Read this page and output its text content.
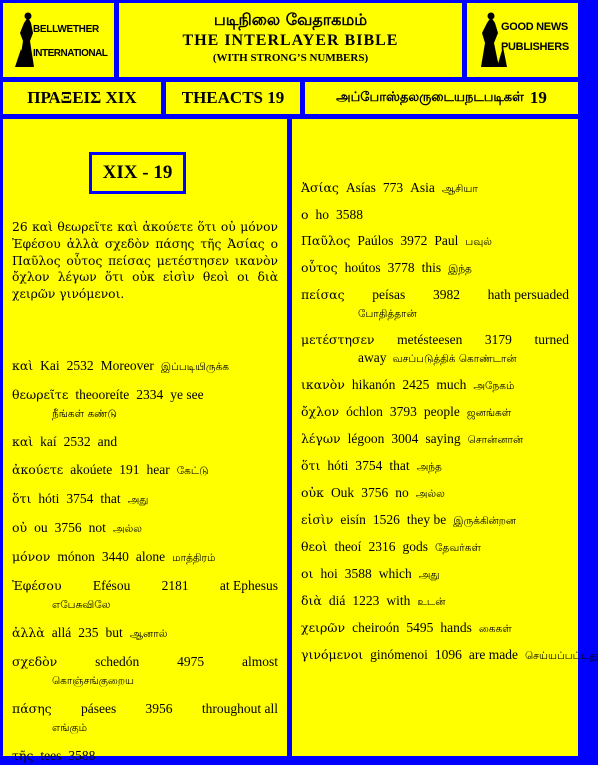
BELLWETHER
INTERNATIONAL
படிநிலை வேதாகமம்
THE INTERLAYER BIBLE
(WITH STRONG’S NUMBERS)
GOOD NEWS
PUBLISHERS
ΠΡΑΞΕΙΣ XIX	THEACTS 19	அப்போஸ்தலருடையநடபடிகள் 19
XIX - 19
26 καὶ θεωρεῖτε καὶ ἀκούετε ὅτι οὐ μόνον Ἐφέσου ἀλλὰ σχεδὸν πάσης τῆς Ἀσίας ο Παῦλος οὗτος πείσας μετέστησεν ικανὸν ὄχλον λέγων ὅτι οὐκ εἰσὶν θεοὶ οι διὰ χειρῶν γινόμενοι.
καὶ Kai 2532 Moreover இப்படியிருக்க
θεωρεῖτε theooreíte 2334 ye see
நீங்கள் கண்டு
καὶ kaí 2532 and
ἀκούετε akoúete 191 hear கேட்டு
ὅτι hóti 3754 that அது
οὐ ou 3756 not அல்ல
μόνον mónon 3440 alone மாத்திரம்
Ἐφέσου Efésou 2181 at Ephesus
எபேசுவிலே
ἀλλὰ allá 235 but ஆனால்
σχεδὸν	schedón	4975	almost
கொஞ்சங்குறைய
πάσης pásees 3956 throughout all
எங்கும்
τῆς tees 3588
Ἀσίας Asías 773 Asia ஆசியா
ο ho 3588
Παῦλος Paúlos 3972 Paul பவுல்
οὗτος hoútos 3778 this இந்த
πείσας peísas 3982 hath persuaded
போதித்தான்
μετέστησεν metésteesen 3179 turned
away வசப்படுத்திக் கொண்டான்
ικανὸν hikanón 2425 much அநேகம்
ὄχλον óchlon 3793 people ஜனங்கள்
λέγων légoon 3004 saying சொன்னான்
ὅτι hóti 3754 that அந்த
οὐκ Ouk 3756 no அல்ல
εἰσὶν eisín 1526 they be இருக்கின்றன
θεοὶ theoí 2316 gods தேவர்கள்
οι hoi 3588 which அது
διὰ diá 1223 with உடன்
χειρῶν cheiroón 5495 hands கைகள்
γινόμενοι ginómenoi 1096 are made செய்யப்பட்டது
